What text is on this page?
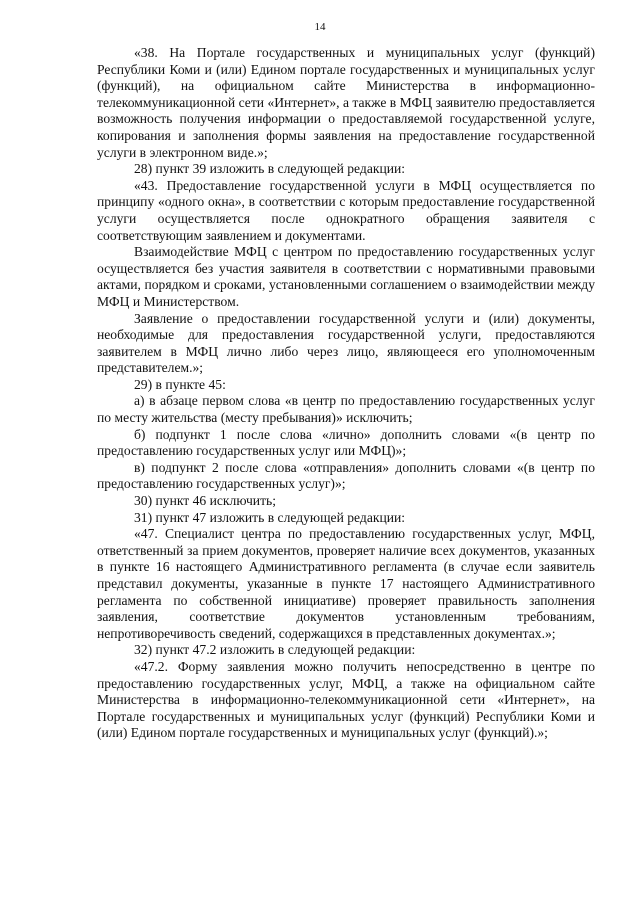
14

«38. На Портале государственных и муниципальных услуг (функций) Республики Коми и (или) Едином портале государственных и муниципальных услуг (функций), на официальном сайте Министерства в информационно-телекоммуникационной сети «Интернет», а также в МФЦ заявителю предоставляется возможность получения информации о предоставляемой государственной услуге, копирования и заполнения формы заявления на предоставление государственной услуги в электронном виде.»;

28) пункт 39 изложить в следующей редакции:

«43. Предоставление государственной услуги в МФЦ осуществляется по принципу «одного окна», в соответствии с которым предоставление государственной услуги осуществляется после однократного обращения заявителя с соответствующим заявлением и документами.

Взаимодействие МФЦ с центром по предоставлению государственных услуг осуществляется без участия заявителя в соответствии с нормативными правовыми актами, порядком и сроками, установленными соглашением о взаимодействии между МФЦ и Министерством.

Заявление о предоставлении государственной услуги и (или) документы, необходимые для предоставления государственной услуги, предоставляются заявителем в МФЦ лично либо через лицо, являющееся его уполномоченным представителем.»;

29) в пункте 45:

а) в абзаце первом слова «в центр по предоставлению государственных услуг по месту жительства (месту пребывания)» исключить;

б) подпункт 1 после слова «лично» дополнить словами «(в центр по предоставлению государственных услуг или МФЦ)»;

в) подпункт 2 после слова «отправления» дополнить словами «(в центр по предоставлению государственных услуг)»;

30) пункт 46 исключить;

31) пункт 47 изложить в следующей редакции:

«47. Специалист центра по предоставлению государственных услуг, МФЦ, ответственный за прием документов, проверяет наличие всех документов, указанных в пункте 16 настоящего Административного регламента (в случае если заявитель представил документы, указанные в пункте 17 настоящего Административного регламента по собственной инициативе) проверяет правильность заполнения заявления, соответствие документов установленным требованиям, непротиворечивость сведений, содержащихся в представленных документах.»;

32) пункт 47.2 изложить в следующей редакции:

«47.2. Форму заявления можно получить непосредственно в центре по предоставлению государственных услуг, МФЦ, а также на официальном сайте Министерства в информационно-телекоммуникационной сети «Интернет», на Портале государственных и муниципальных услуг (функций) Республики Коми и (или) Едином портале государственных и муниципальных услуг (функций).»;
